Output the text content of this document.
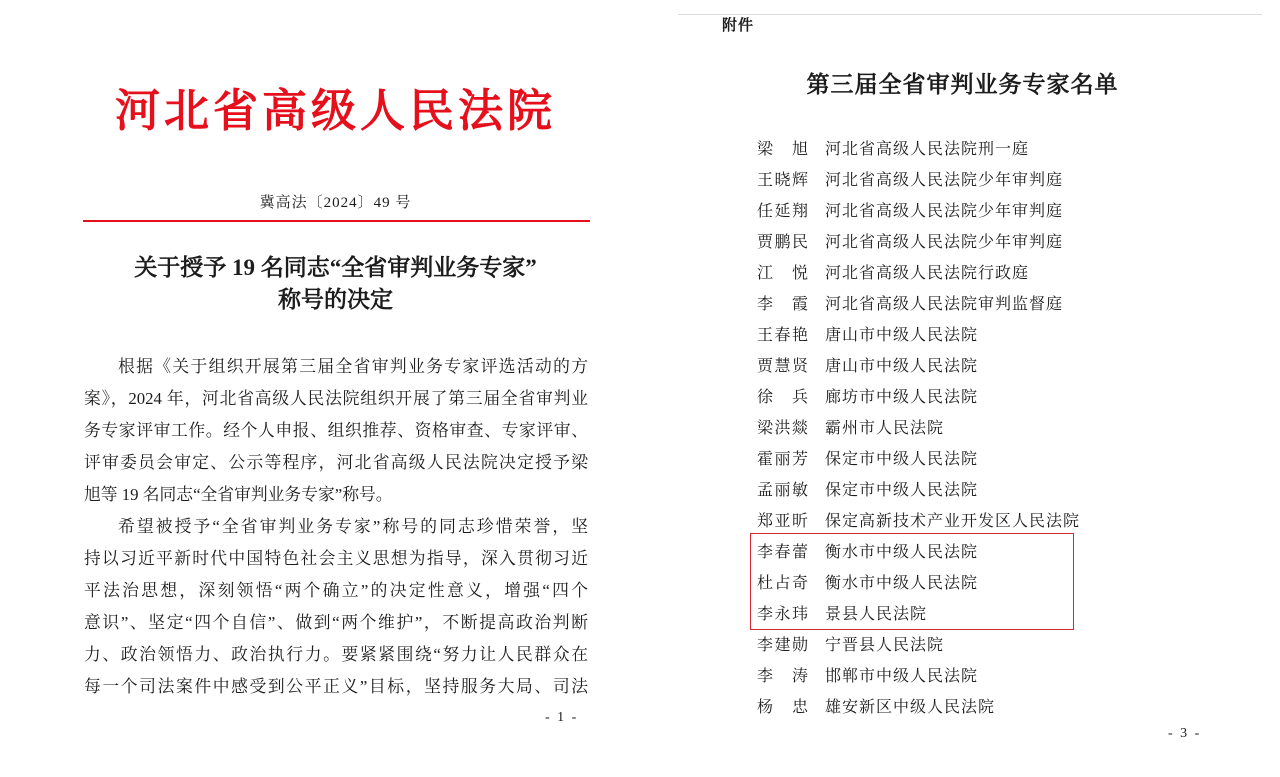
河北省高级人民法院
冀高法〔2024〕49 号
关于授予 19 名同志“全省审判业务专家”
称号的决定
根据《关于组织开展第三届全省审判业务专家评选活动的方
案》，2024 年，河北省高级人民法院组织开展了第三届全省审判业
务专家评审工作。经个人申报、组织推荐、资格审查、专家评审、
评审委员会审定、公示等程序，河北省高级人民法院决定授予梁
旭等 19 名同志“全省审判业务专家”称号。
希望被授予“全省审判业务专家”称号的同志珍惜荣誉，坚
持以习近平新时代中国特色社会主义思想为指导，深入贯彻习近
平法治思想，深刻领悟“两个确立”的决定性意义，增强“四个
意识”、坚定“四个自信”、做到“两个维护”，不断提高政治判断
力、政治领悟力、政治执行力。要紧紧围绕“努力让人民群众在
每一个司法案件中感受到公平正义”目标，坚持服务大局、司法
- 1 -
附件
第三届全省审判业务专家名单
梁 旭 河北省高级人民法院刑一庭
王晓辉 河北省高级人民法院少年审判庭
任延翔 河北省高级人民法院少年审判庭
贾鹏民 河北省高级人民法院少年审判庭
江 悦 河北省高级人民法院行政庭
李 霞 河北省高级人民法院审判监督庭
王春艳 唐山市中级人民法院
贾慧贤 唐山市中级人民法院
徐 兵 廊坊市中级人民法院
梁洪燚 霸州市人民法院
霍丽芳 保定市中级人民法院
孟丽敏 保定市中级人民法院
郑亚昕 保定高新技术产业开发区人民法院
李春蕾 衡水市中级人民法院
杜占奇 衡水市中级人民法院
李永玮 景县人民法院
李建勋 宁晋县人民法院
李 涛 邯郸市中级人民法院
杨 忠 雄安新区中级人民法院
- 3 -
